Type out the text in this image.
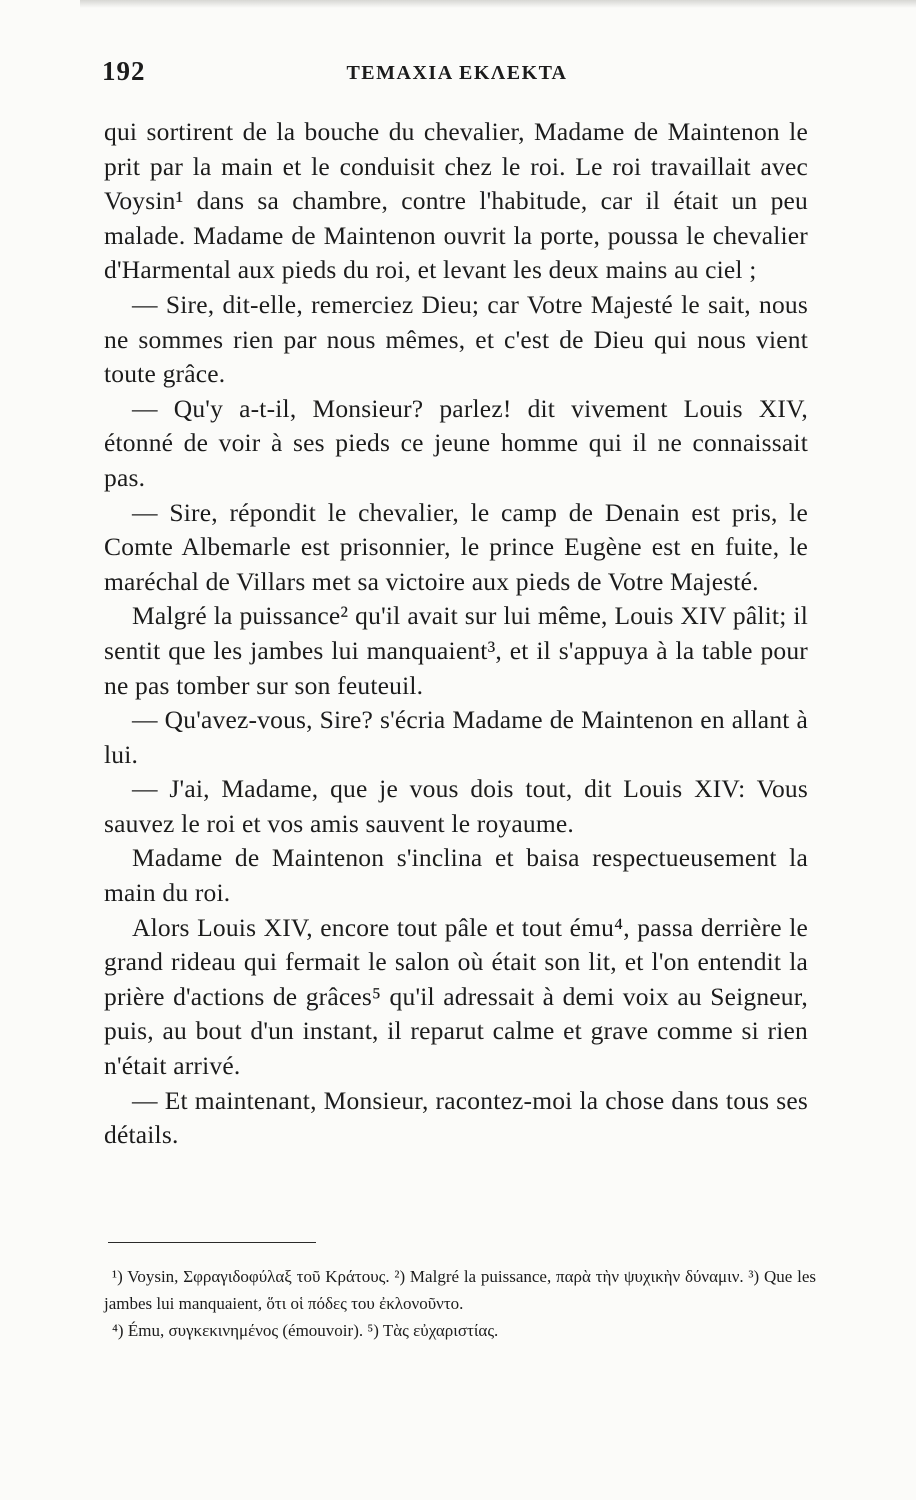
192	ΤΕΜΑΧΙΑ ΕΚΛΕΚΤΑ

qui sortirent de la bouche du chevalier, Madame de Maintenon le prit par la main et le conduisit chez le roi. Le roi travaillait avec Voysin¹ dans sa chambre, contre l'habitude, car il était un peu malade. Madame de Maintenon ouvrit la porte, poussa le chevalier d'Harmental aux pieds du roi, et levant les deux mains au ciel ;

— Sire, dit-elle, remerciez Dieu; car Votre Majesté le sait, nous ne sommes rien par nous mêmes, et c'est de Dieu qui nous vient toute grâce.

— Qu'y a-t-il, Monsieur? parlez! dit vivement Louis XIV, étonné de voir à ses pieds ce jeune homme qui il ne connaissait pas.

— Sire, répondit le chevalier, le camp de Denain est pris, le Comte Albemarle est prisonnier, le prince Eugène est en fuite, le maréchal de Villars met sa victoire aux pieds de Votre Majesté.

Malgré la puissance² qu'il avait sur lui même, Louis XIV pâlit; il sentit que les jambes lui manquaient³, et il s'appuya à la table pour ne pas tomber sur son feuteuil.

— Qu'avez-vous, Sire? s'écria Madame de Maintenon en allant à lui.

— J'ai, Madame, que je vous dois tout, dit Louis XIV: Vous sauvez le roi et vos amis sauvent le royaume.

Madame de Maintenon s'inclina et baisa respectueusement la main du roi.

Alors Louis XIV, encore tout pâle et tout ému⁴, passa derrière le grand rideau qui fermait le salon où était son lit, et l'on entendit la prière d'actions de grâces⁵ qu'il adressait à demi voix au Seigneur, puis, au bout d'un instant, il reparut calme et grave comme si rien n'était arrivé.

— Et maintenant, Monsieur, racontez-moi la chose dans tous ses détails.

¹) Voysin, Σφραγιδοφύλαξ τοῦ Κράτους. ²) Malgré la puissance, παρὰ τὴν ψυχικὴν δύναμιν. ³) Que les jambes lui manquaient, ὅτι οἱ πόδες του ἐκλονοῦντο.

⁴) Ému, συγκεκινημένος (émouvoir). ⁵) Τὰς εὐχαριστίας.
